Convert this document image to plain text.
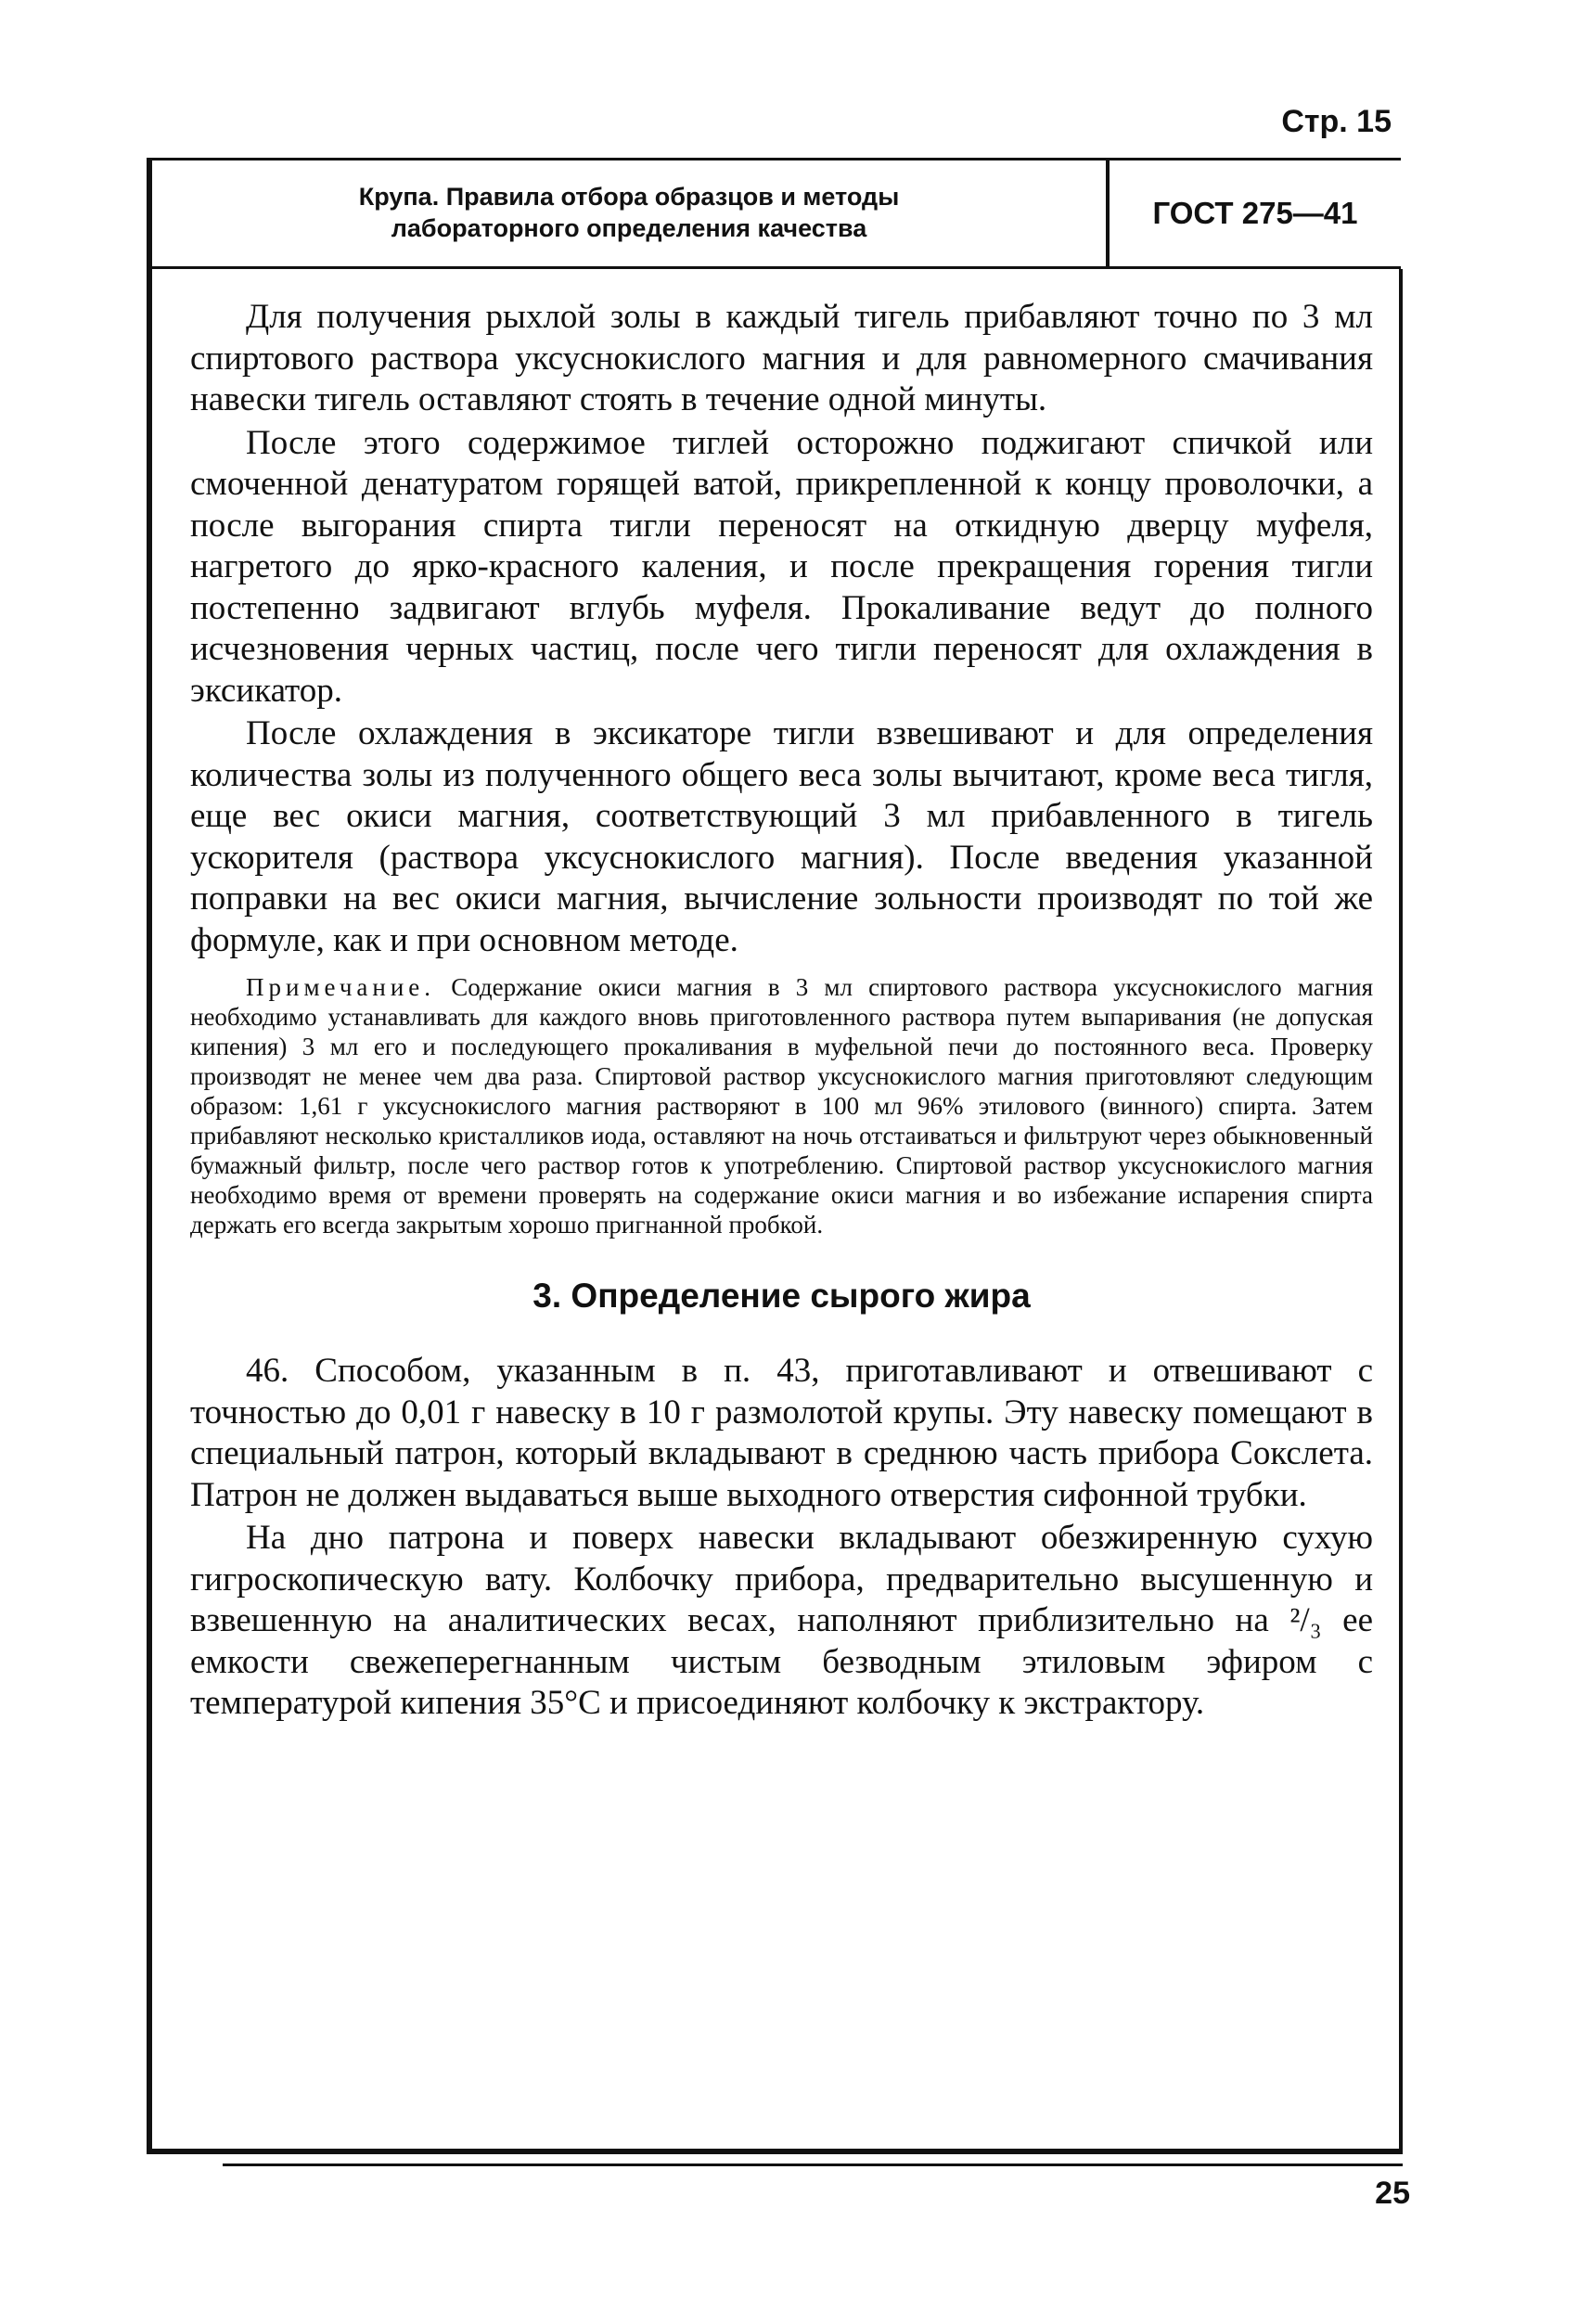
Стр. 15
Крупа. Правила отбора образцов и методы
лабораторного определения качества	ГОСТ 275—41

Для получения рыхлой золы в каждый тигель прибавляют точно по 3 мл спиртового раствора уксуснокислого магния и для равномерного смачивания навески тигель оставляют стоять в течение одной минуты.

После этого содержимое тиглей осторожно поджигают спичкой или смоченной денатуратом горящей ватой, прикрепленной к концу проволочки, а после выгорания спирта тигли переносят на откидную дверцу муфеля, нагретого до ярко-красного каления, и после прекращения горения тигли постепенно задвигают вглубь муфеля. Прокаливание ведут до полного исчезновения черных частиц, после чего тигли переносят для охлаждения в эксикатор.

После охлаждения в эксикаторе тигли взвешивают и для определения количества золы из полученного общего веса золы вычитают, кроме веса тигля, еще вес окиси магния, соответствующий 3 мл прибавленного в тигель ускорителя (раствора уксуснокислого магния). После введения указанной поправки на вес окиси магния, вычисление зольности производят по той же формуле, как и при основном методе.

Примечание. Содержание окиси магния в 3 мл спиртового раствора уксуснокислого магния необходимо устанавливать для каждого вновь приготовленного раствора путем выпаривания (не допуская кипения) 3 мл его и последующего прокаливания в муфельной печи до постоянного веса. Проверку производят не менее чем два раза. Спиртовой раствор уксуснокислого магния приготовляют следующим образом: 1,61 г уксуснокислого магния растворяют в 100 мл 96% этилового (винного) спирта. Затем прибавляют несколько кристалликов иода, оставляют на ночь отстаиваться и фильтруют через обыкновенный бумажный фильтр, после чего раствор готов к употреблению. Спиртовой раствор уксуснокислого магния необходимо время от времени проверять на содержание окиси магния и во избежание испарения спирта держать его всегда закрытым хорошо пригнанной пробкой.

3. Определение сырого жира

46. Способом, указанным в п. 43, приготавливают и отвешивают с точностью до 0,01 г навеску в 10 г размолотой крупы. Эту навеску помещают в специальный патрон, который вкладывают в среднюю часть прибора Сокслета. Патрон не должен выдаваться выше выходного отверстия сифонной трубки.

На дно патрона и поверх навески вкладывают обезжиренную сухую гигроскопическую вату. Колбочку прибора, предварительно высушенную и взвешенную на аналитических весах, наполняют приблизительно на ²/₃ ее емкости свежеперегнанным чистым безводным этиловым эфиром с температурой кипения 35°С и присоединяют колбочку к экстрактору.

25
